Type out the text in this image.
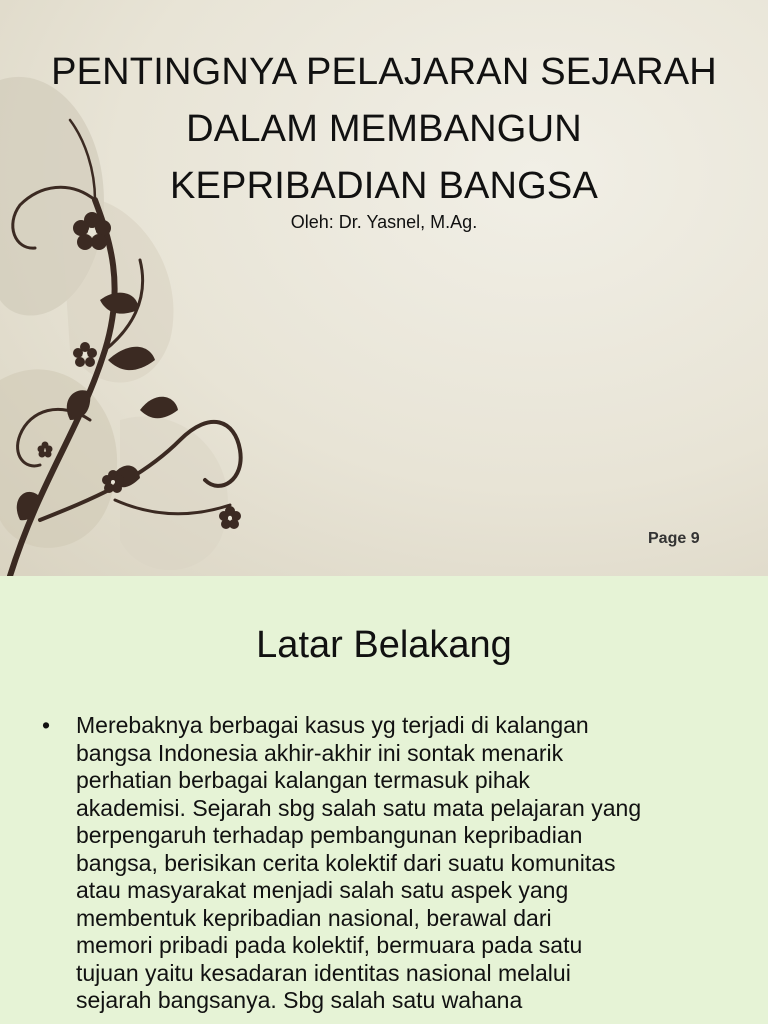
PENTINGNYA PELAJARAN SEJARAH
DALAM MEMBANGUN
KEPRIBADIAN BANGSA
Oleh: Dr. Yasnel, M.Ag.
Page 9
Latar Belakang
• Merebaknya berbagai kasus yg terjadi di kalangan
bangsa Indonesia akhir-akhir ini sontak menarik
perhatian berbagai kalangan termasuk pihak
akademisi. Sejarah sbg salah satu mata pelajaran yang
berpengaruh terhadap pembangunan kepribadian
bangsa, berisikan cerita kolektif dari suatu komunitas
atau masyarakat menjadi salah satu aspek yang
membentuk kepribadian nasional, berawal dari
memori pribadi pada kolektif, bermuara pada satu
tujuan yaitu kesadaran identitas nasional melalui
sejarah bangsanya. Sbg salah satu wahana
